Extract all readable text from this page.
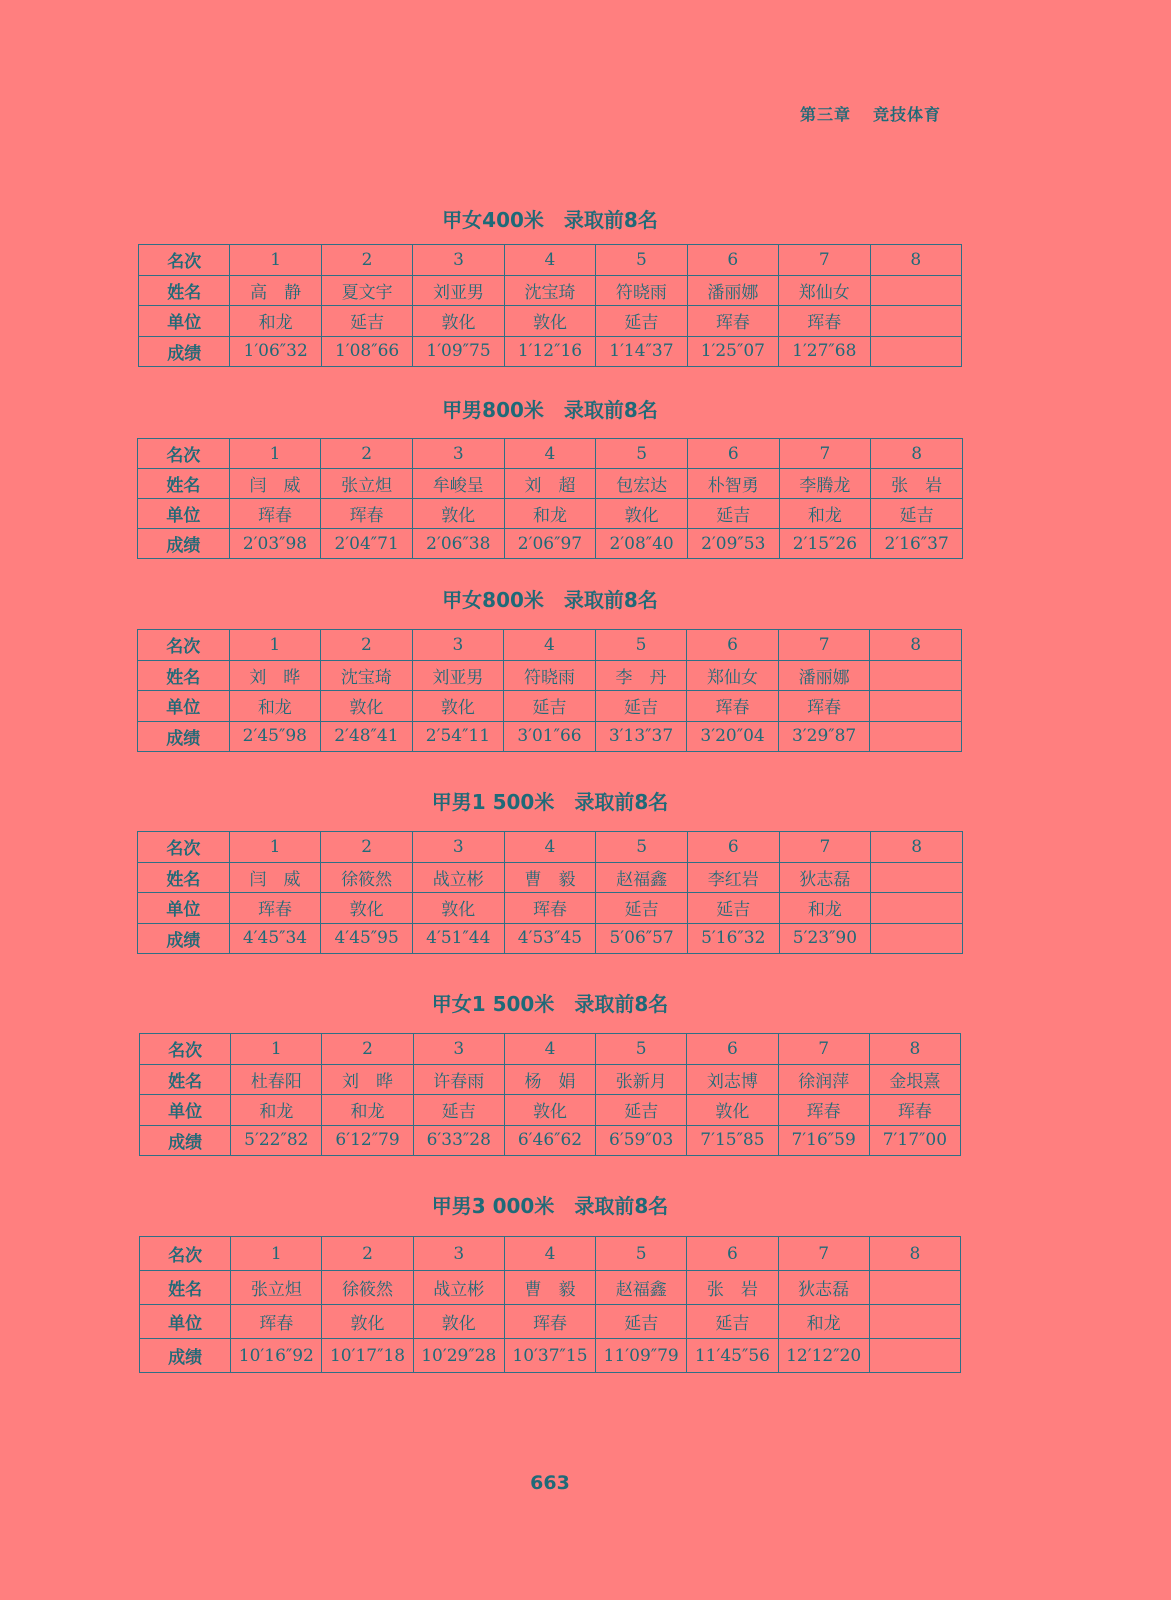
第三章 竞技体育
甲女400米　录取前8名
名次	1	2	3	4	5	6	7	8
姓名	高　静	夏文宇	刘亚男	沈宝琦	符晓雨	潘丽娜	郑仙女	
单位	和龙	延吉	敦化	敦化	延吉	珲春	珲春	
成绩	1′06″32	1′08″66	1′09″75	1′12″16	1′14″37	1′25″07	1′27″68	
甲男800米　录取前8名
名次	1	2	3	4	5	6	7	8
姓名	闫　威	张立炟	牟峻呈	刘　超	包宏达	朴智勇	李腾龙	张　岩
单位	珲春	珲春	敦化	和龙	敦化	延吉	和龙	延吉
成绩	2′03″98	2′04″71	2′06″38	2′06″97	2′08″40	2′09″53	2′15″26	2′16″37
甲女800米　录取前8名
名次	1	2	3	4	5	6	7	8
姓名	刘　晔	沈宝琦	刘亚男	符晓雨	李　丹	郑仙女	潘丽娜	
单位	和龙	敦化	敦化	延吉	延吉	珲春	珲春	
成绩	2′45″98	2′48″41	2′54″11	3′01″66	3′13″37	3′20″04	3′29″87	
甲男1 500米　录取前8名
名次	1	2	3	4	5	6	7	8
姓名	闫　威	徐筱然	战立彬	曹　毅	赵福鑫	李红岩	狄志磊	
单位	珲春	敦化	敦化	珲春	延吉	延吉	和龙	
成绩	4′45″34	4′45″95	4′51″44	4′53″45	5′06″57	5′16″32	5′23″90	
甲女1 500米　录取前8名
名次	1	2	3	4	5	6	7	8
姓名	杜春阳	刘　晔	许春雨	杨　娟	张新月	刘志博	徐润萍	金垠熹
单位	和龙	和龙	延吉	敦化	延吉	敦化	珲春	珲春
成绩	5′22″82	6′12″79	6′33″28	6′46″62	6′59″03	7′15″85	7′16″59	7′17″00
甲男3 000米　录取前8名
名次	1	2	3	4	5	6	7	8
姓名	张立炟	徐筱然	战立彬	曹　毅	赵福鑫	张　岩	狄志磊	
单位	珲春	敦化	敦化	珲春	延吉	延吉	和龙	
成绩	10′16″92	10′17″18	10′29″28	10′37″15	11′09″79	11′45″56	12′12″20	
663
